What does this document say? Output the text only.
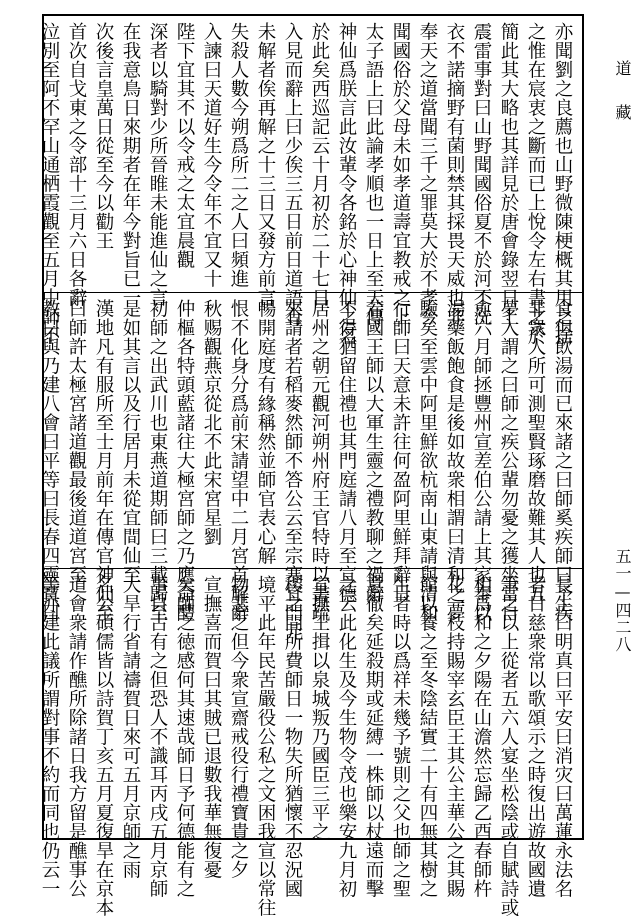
亦聞劉之良薦也山野微陳梗概其用之捨
之惟在宸衷之斷而已上悅令左右書之於
簡此其大略也其詳見於唐會錄翌日上
震雷事對曰山野聞國俗夏不於河不洗
衣不諾摘野有菌則禁其採畏天威也非
奉天之道當聞三千之罪莫大於不孝今
聞國俗於父母未如孝道壽宜教戒之上
太子語上曰此論孝順也一日上至天傳
神仙爲朕言此汝輩令各銘於心神仙之名
於此矣西巡記云十月初於二十七日
入見而辭上曰少俟三五日前日道語有
未解者俟再解之十三日又發方前言
失殺人數今朔爲所二之人曰頻進
入諫曰天道好生今令年不宜又十
陛下宜其不以令戒之太宜晨觀
深者以騎對少所晉睢未能進仙之言
在我意鳥日來期者在年今對旨已一
次後言皇萬日從至今以勸王
首次自戈東之令部十三月六日各辭
泣別至阿不罕山通栖霞觀至五月中師不
食但飲湯而已來諸之曰師奚疾師曰予疾
非衆人所可測聖賢琢磨故難其人也五
夢入謂之曰師之疾公輩勿憂之獲坐當自
愈六月師拯豐州宣差伯公請上其家奉以
湯藥飯飽食是後如故衆相謂曰清和之夢
驗矣至雲中阿里鮮欲杭南山東請與清和
行師曰天意未許往何盈阿里鮮拜辭日
若國王師以大軍生靈之禮教聊之禍辭
不得猶留住禮也其門庭請八月至宣德
居州之朝元觀河朔州府王官特時以書疏
來請者若稻麥然師不答公云至宗寒宜門元
暢開庭度有緣稱然並師官表心解
恨不化身分爲前宋請望中二月宮首解辭
秋赐觀燕京從北不此宋宮星劉
仲樞各特頭藍諸往大極宮師之乃應命醴
初師之出武川也東燕道期師曰三載歸至
是如其言以及行居月未從宜間仙至
漢地凡有服所至士月前年在傳官神仙至
曰師許太極宮諸道觀最後道道宮至
教曰與乃建八會曰平等曰長春四靈寶曰
長生曰明真曰平安曰消灾曰萬蓮永法名
者日慈衆常以歌頌示之時復出遊故國遺
筆之以上從者五六人宴坐松陰或自賦詩或
相爲和之夕陽在山澹然忘歸乙酉春師杵
花一枝持賜宰玄臣王其公主華公之其賜
館以養之至冬陰結實二十有四無其樹之
生者時以爲祥未幾予號則之父也師之聖
意徹矣延殺期或延縛一株師以杖遠而擊
之云此化生及今生物令茂也樂安九月初
宣撫王揖以泉城叛乃國臣三平之
稷之間所費師日一物失所猶懷不忍況國
境平此年民苦嚴役公私之文困我宣以常往
物悲之但今衆宣齋戒役行禮寶貴之夕
宣撫喜而賀曰其賊已退數我華無復憂
矣師之徳感何其速哉師日予何德能有之
事自古有之但恐人不識耳丙戌五月京師
大旱行省請禱賀日來可五月京師之雨
名公碩儒皆以詩賀丁亥五月夏復旱在京本
道會衆請作醮所除諸日我方留是醮事公
等亦建此議所謂對事不約而同也仍云一
道　藏
五一—四二八
